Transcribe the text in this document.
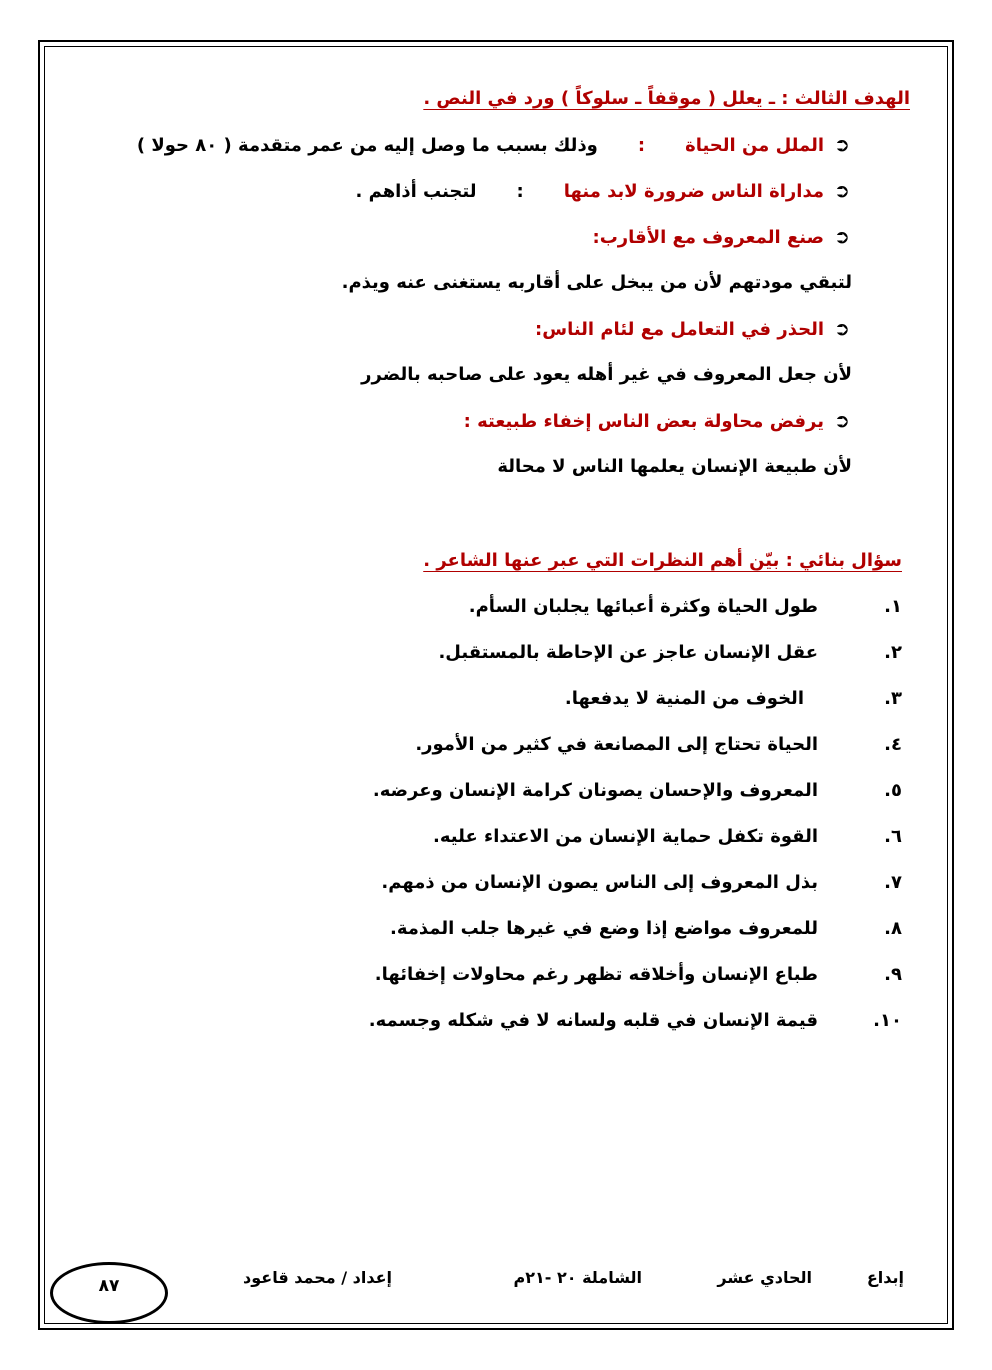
الهدف الثالث : ـ يعلل ( موقفاً ـ سلوكاً ) ورد في النص .
➲الملل من الحياة:وذلك بسبب ما وصل إليه من عمر متقدمة ( ٨٠ حولا )
➲مداراة الناس ضرورة لابد منها:لتجنب أذاهم .
➲صنع المعروف مع الأقارب:
لتبقي مودتهم لأن من يبخل على أقاربه يستغنى عنه ويذم.
➲الحذر في التعامل مع لئام الناس:
لأن جعل المعروف في غير أهله يعود على صاحبه بالضرر
➲يرفض محاولة بعض الناس إخفاء طبيعته :
لأن طبيعة الإنسان يعلمها الناس لا محالة
سؤال بنائي : بيّن أهم النظرات التي عبر عنها الشاعر .
١.طول الحياة وكثرة أعبائها يجلبان السأم.
٢.عقل الإنسان عاجز عن الإحاطة بالمستقبل.
٣.الخوف من المنية لا يدفعها.
٤.الحياة تحتاج إلى المصانعة في كثير من الأمور.
٥.المعروف والإحسان يصونان كرامة الإنسان وعرضه.
٦.القوة تكفل حماية الإنسان من الاعتداء عليه.
٧.بذل المعروف إلى الناس يصون الإنسان من ذمهم.
٨.للمعروف مواضع إذا وضع في غيرها جلب المذمة.
٩.طباع الإنسان وأخلاقه تظهر رغم محاولات إخفائها.
١٠.قيمة الإنسان في قلبه ولسانه لا في شكله وجسمه.
إبداع
الحادي عشر
الشاملة ٢٠ -٢١م
إعداد / محمد قاعود
٨٧
